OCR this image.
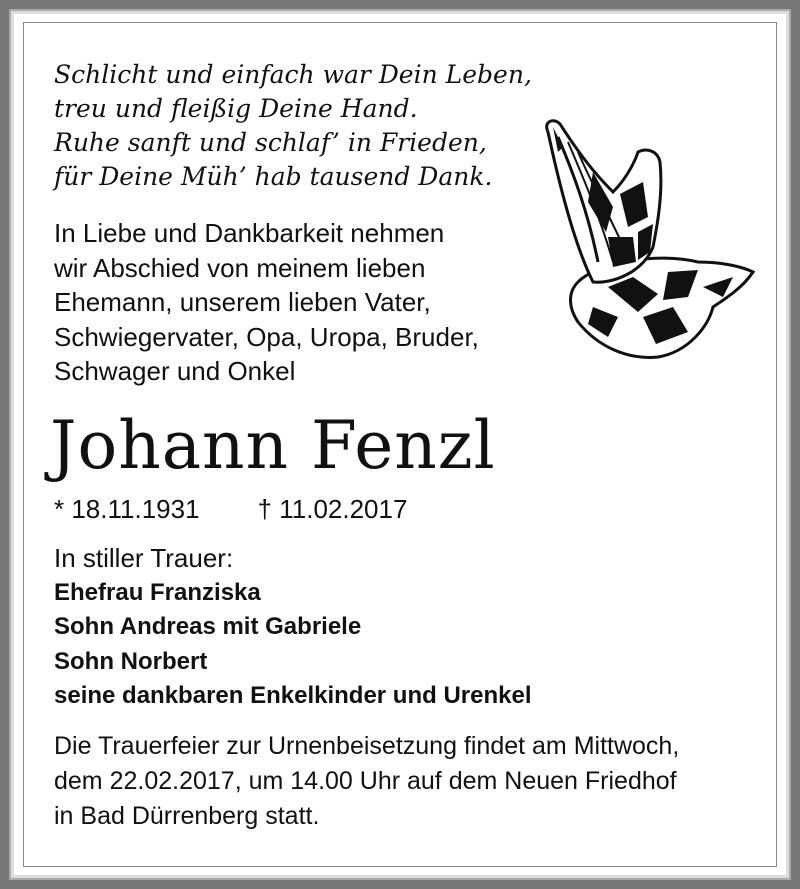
Schlicht und einfach war Dein Leben,
treu und fleißig Deine Hand.
Ruhe sanft und schlaf’ in Frieden,
für Deine Müh’ hab tausend Dank.
In Liebe und Dankbarkeit nehmen
wir Abschied von meinem lieben
Ehemann, unserem lieben Vater,
Schwiegervater, Opa, Uropa, Bruder,
Schwager und Onkel
Johann Fenzl
* 18.11.1931 † 11.02.2017
In stiller Trauer:
Ehefrau Franziska
Sohn Andreas mit Gabriele
Sohn Norbert
seine dankbaren Enkelkinder und Urenkel
Die Trauerfeier zur Urnenbeisetzung findet am Mittwoch,
dem 22.02.2017, um 14.00 Uhr auf dem Neuen Friedhof
in Bad Dürrenberg statt.
